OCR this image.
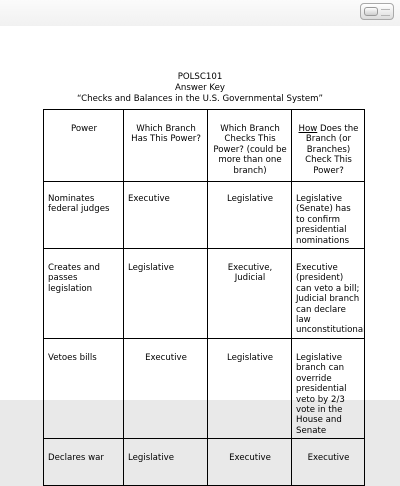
POLSC101
Answer Key
“Checks and Balances in the U.S. Governmental System”
Power	Which Branch Has This Power?	Which Branch Checks This Power? (could be more than one branch)	How Does the Branch (or Branches) Check This Power?
Nominates federal judges	Executive	Legislative	Legislative (Senate) has to confirm presidential nominations
Creates and passes legislation	Legislative	Executive, Judicial	Executive (president) can veto a bill; Judicial branch can declare law unconstitutional
Vetoes bills	Executive	Legislative	Legislative branch can override presidential veto by 2/3 vote in the House and Senate
Declares war	Legislative	Executive	Executive
